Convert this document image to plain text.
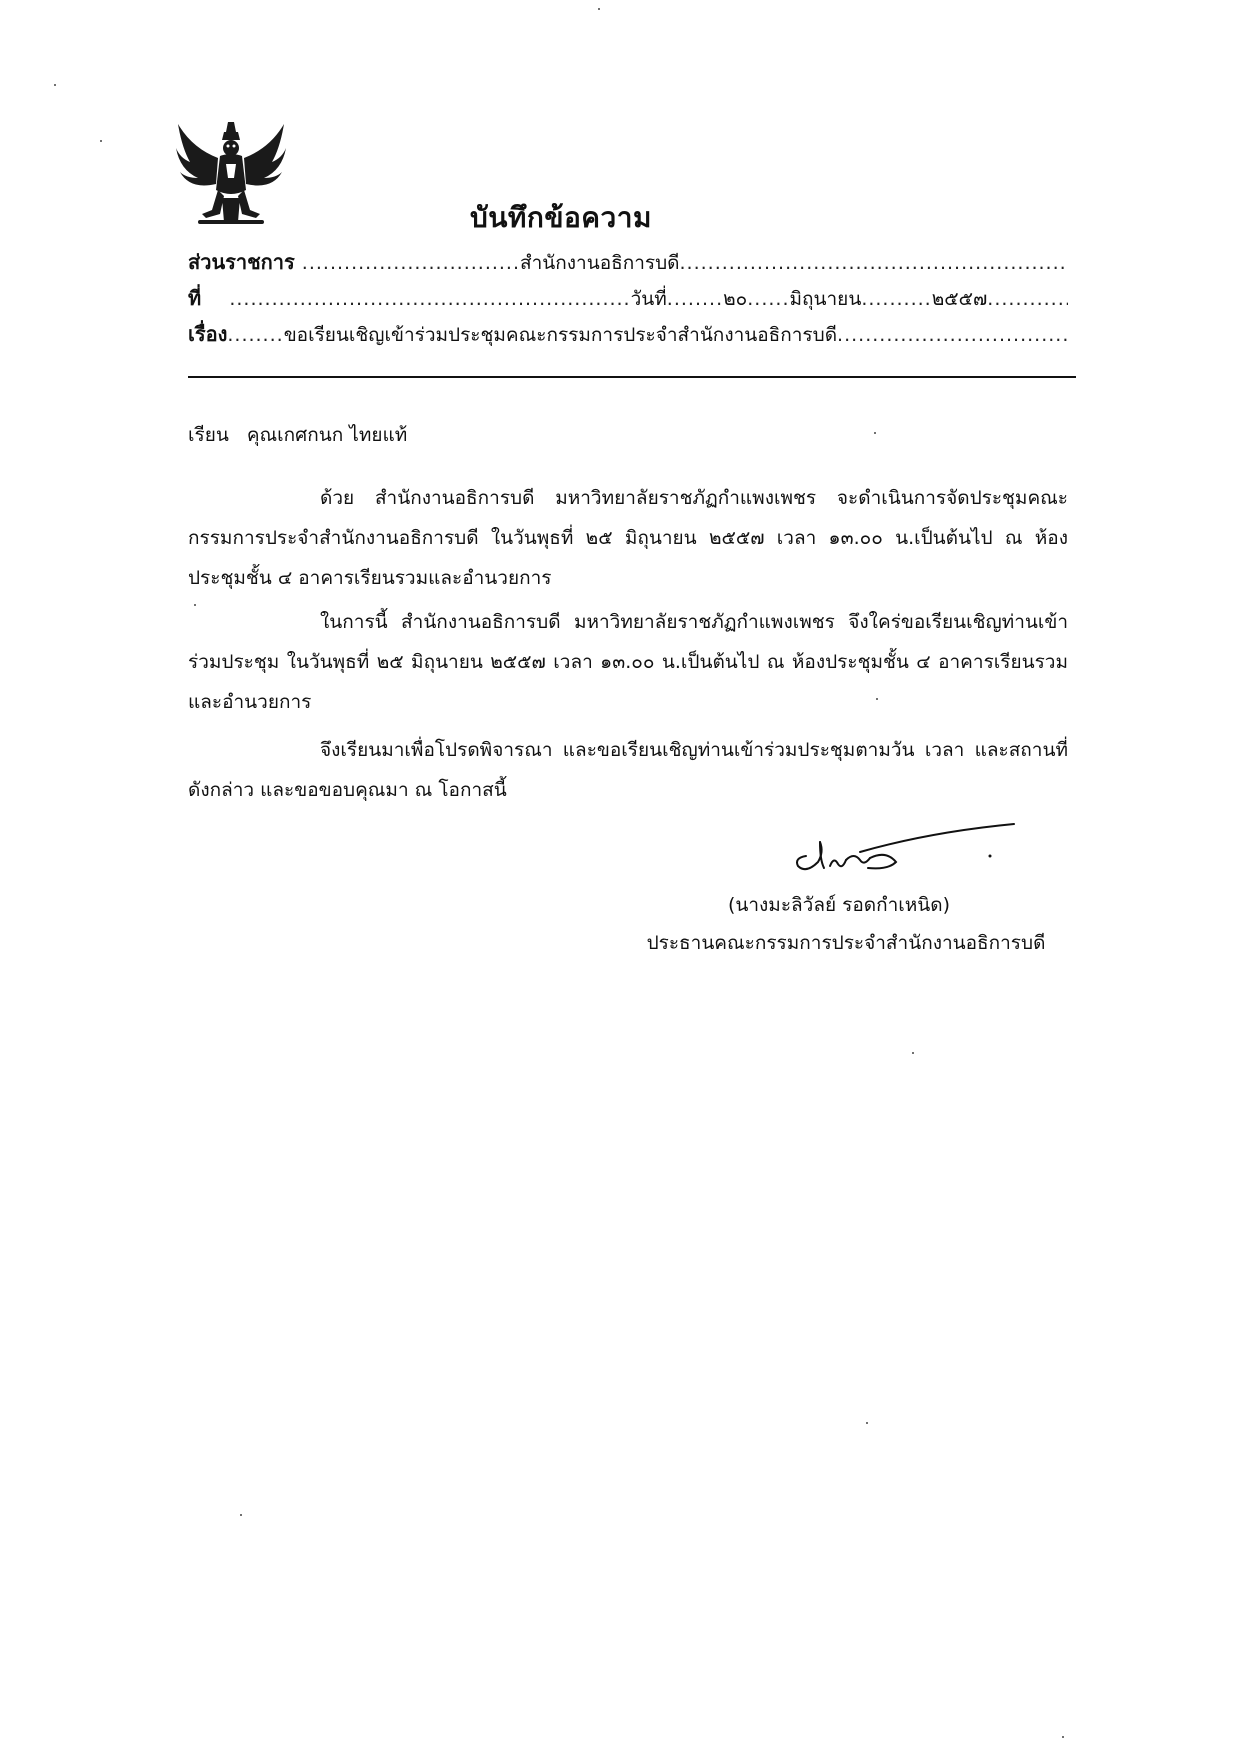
บันทึกข้อความ
ส่วนราชการ ............................... สำนักงานอธิการบดี
.....
ที่ ......................................................... วันที่ ........ ๒๐ ...... มิถุนายน .......... ๒๕๕๗
.....
เรื่อง ........ ขอเรียนเชิญเข้าร่วมประชุมคณะกรรมการประจำสำนักงานอธิการบดี
.....
เรียน คุณเกศกนก ไทยแท้
ด้วย สำนักงานอธิการบดี มหาวิทยาลัยราชภัฏกำแพงเพชร จะดำเนินการจัดประชุมคณะกรรมการประจำสำนักงานอธิการบดี ในวันพุธที่ ๒๕ มิถุนายน ๒๕๕๗ เวลา ๑๓.๐๐ น.เป็นต้นไป ณ ห้องประชุมชั้น ๔ อาคารเรียนรวมและอำนวยการ
ในการนี้ สำนักงานอธิการบดี มหาวิทยาลัยราชภัฏกำแพงเพชร จึงใคร่ขอเรียนเชิญท่านเข้าร่วมประชุม ในวันพุธที่ ๒๕ มิถุนายน ๒๕๕๗ เวลา ๑๓.๐๐ น.เป็นต้นไป ณ ห้องประชุมชั้น ๔ อาคารเรียนรวมและอำนวยการ
จึงเรียนมาเพื่อโปรดพิจารณา และขอเรียนเชิญท่านเข้าร่วมประชุมตามวัน เวลา และสถานที่ดังกล่าว และขอขอบคุณมา ณ โอกาสนี้
(นางมะลิวัลย์ รอดกำเหนิด)
ประธานคณะกรรมการประจำสำนักงานอธิการบดี
